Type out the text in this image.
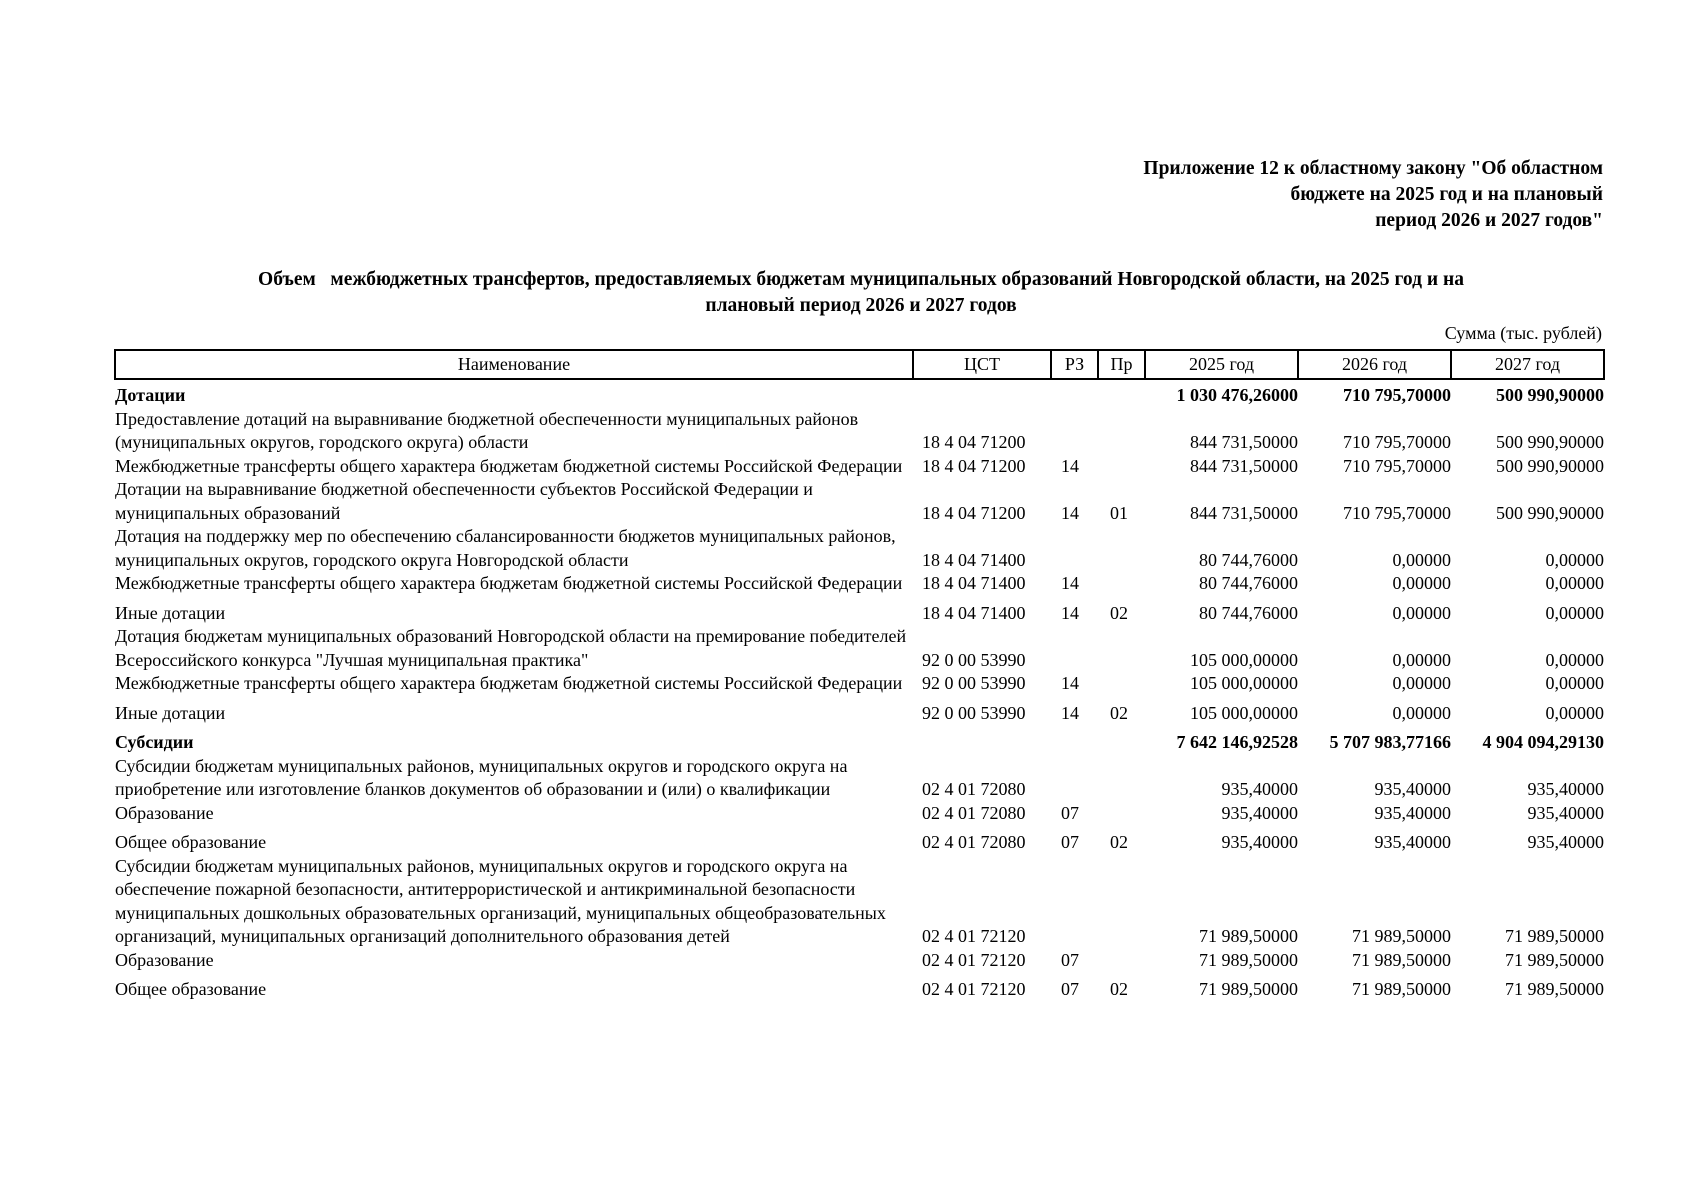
Приложение 12 к областному закону "Об областном
бюджете на 2025 год и на плановый
период 2026 и 2027 годов"
Объем   межбюджетных трансфертов, предоставляемых бюджетам муниципальных образований Новгородской области, на 2025 год и на
плановый период 2026 и 2027 годов
Сумма (тыс. рублей)
Наименование	ЦСТ	РЗ	Пр	2025 год	2026 год	2027 год
Дотации				1 030 476,26000	710 795,70000	500 990,90000
Предоставление дотаций на выравнивание бюджетной обеспеченности муниципальных районов (муниципальных округов, городского округа) области	18 4 04 71200			844 731,50000	710 795,70000	500 990,90000
Межбюджетные трансферты общего характера бюджетам бюджетной системы Российской Федерации	18 4 04 71200	14		844 731,50000	710 795,70000	500 990,90000
Дотации на выравнивание бюджетной обеспеченности субъектов Российской Федерации и муниципальных образований	18 4 04 71200	14	01	844 731,50000	710 795,70000	500 990,90000
Дотация на поддержку мер по обеспечению сбалансированности бюджетов муниципальных районов, муниципальных округов, городского округа Новгородской области	18 4 04 71400			80 744,76000	0,00000	0,00000
Межбюджетные трансферты общего характера бюджетам бюджетной системы Российской Федерации	18 4 04 71400	14		80 744,76000	0,00000	0,00000
Иные дотации	18 4 04 71400	14	02	80 744,76000	0,00000	0,00000
Дотация бюджетам муниципальных образований Новгородской области на премирование победителей Всероссийского конкурса "Лучшая муниципальная практика"	92 0 00 53990			105 000,00000	0,00000	0,00000
Межбюджетные трансферты общего характера бюджетам бюджетной системы Российской Федерации	92 0 00 53990	14		105 000,00000	0,00000	0,00000
Иные дотации	92 0 00 53990	14	02	105 000,00000	0,00000	0,00000
Субсидии				7 642 146,92528	5 707 983,77166	4 904 094,29130
Субсидии бюджетам муниципальных районов, муниципальных округов и городского округа на приобретение или изготовление бланков документов об образовании и (или) о квалификации	02 4 01 72080			935,40000	935,40000	935,40000
Образование	02 4 01 72080	07		935,40000	935,40000	935,40000
Общее образование	02 4 01 72080	07	02	935,40000	935,40000	935,40000
Субсидии бюджетам муниципальных районов, муниципальных округов и городского округа на обеспечение пожарной безопасности, антитеррористической и антикриминальной безопасности муниципальных дошкольных образовательных организаций, муниципальных общеобразовательных организаций, муниципальных организаций дополнительного образования детей	02 4 01 72120			71 989,50000	71 989,50000	71 989,50000
Образование	02 4 01 72120	07		71 989,50000	71 989,50000	71 989,50000
Общее образование	02 4 01 72120	07	02	71 989,50000	71 989,50000	71 989,50000
